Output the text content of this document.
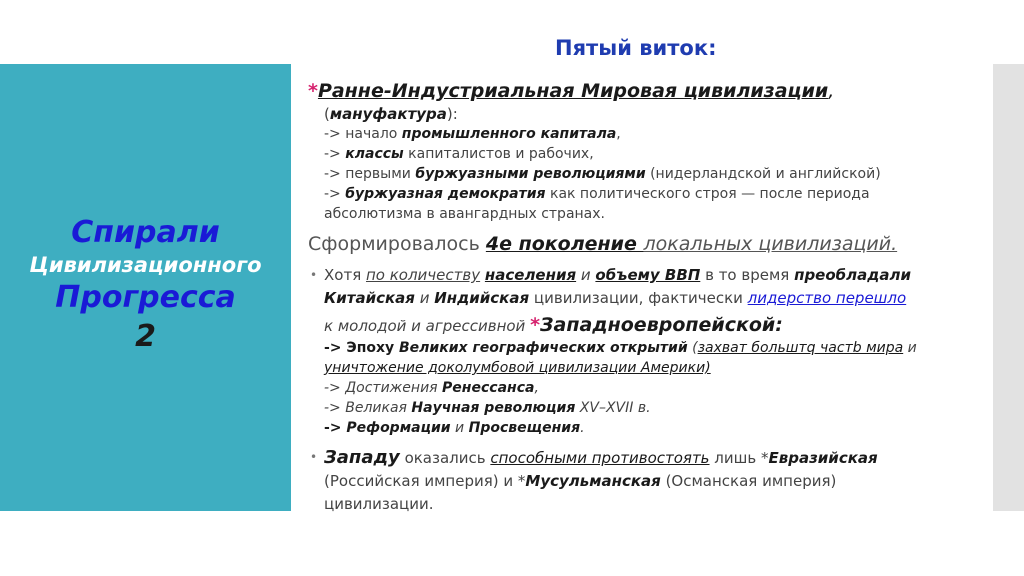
Спирали
Цивилизационного
Прогресса
2
Пятый виток:
*Ранне-Индустриальная Мировая цивилизации,
(мануфактура):
-> начало промышленного капитала,
-> классы капиталистов и рабочих,
-> первыми буржуазными революциями (нидерландской и английской)
-> буржуазная демократия как политического строя — после периода
абсолютизма в авангардных странах.
Сформировалось 4е поколение локальных цивилизаций.
• Хотя по количеству населения и объему ВВП в то время преобладали
Китайская и Индийская цивилизации, фактически лидерство перешло
к молодой и агрессивной *Западноевропейской:
-> Эпоху Великих географических открытий (захват больштq частb мира и
уничтожение доколумбовой цивилизации Америки)
-> Достижения Ренессанса,
-> Великая Научная революция XV–XVII в.
-> Реформации и Просвещения.
• Западу оказались способными противостоять лишь *Евразийская
(Российская империя) и *Мусульманская (Османская империя)
цивилизации.
